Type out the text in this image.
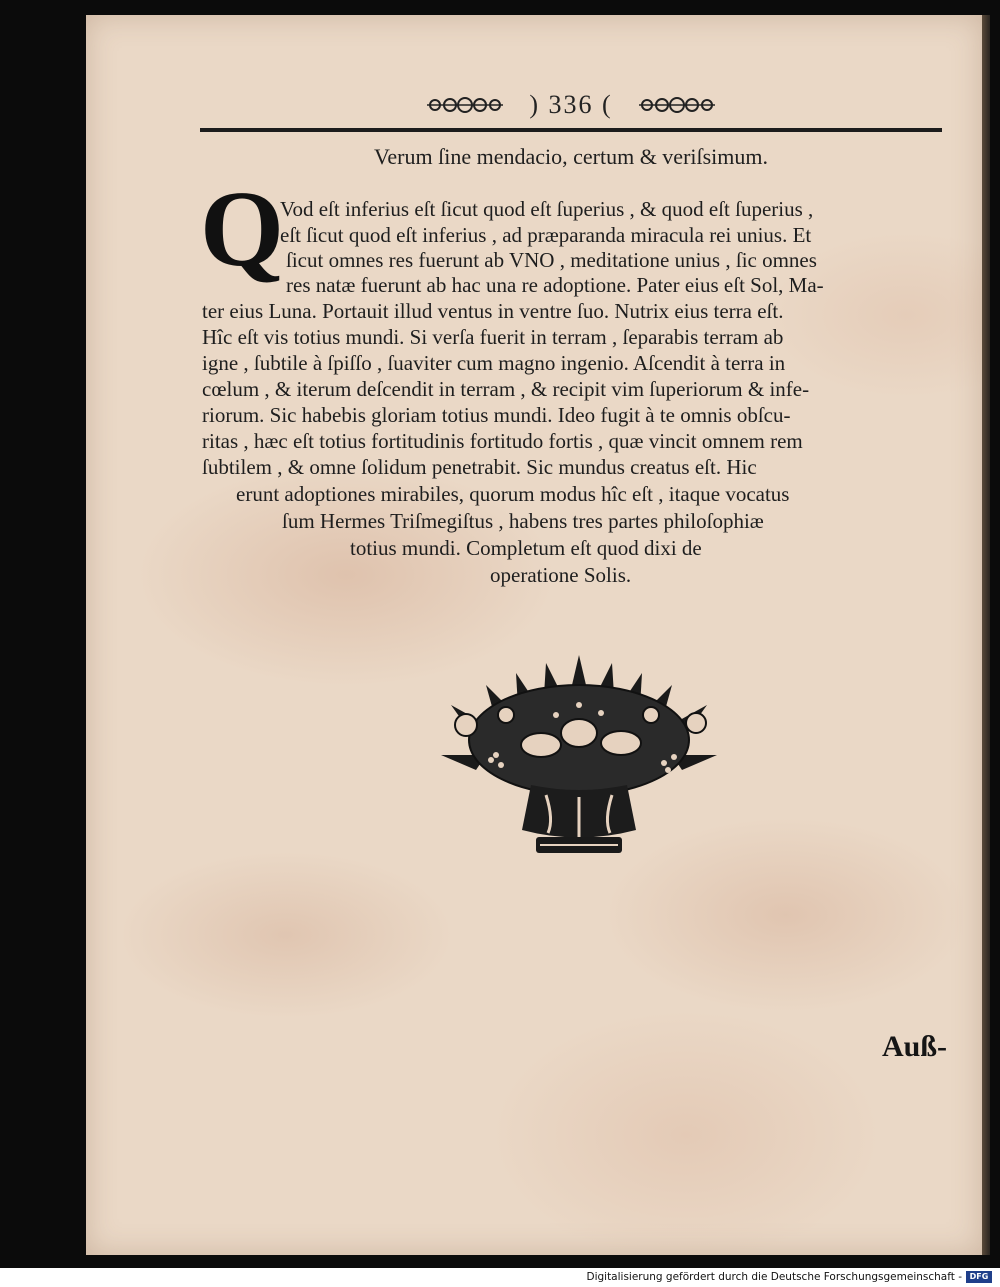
) 336 (
Verum ſine mendacio, certum & veriſsimum.
Q
Vod eſt inferius eſt ſicut quod eſt ſuperius , & quod eſt ſuperius ,
eſt ſicut quod eſt inferius , ad præparanda miracula rei unius. Et
ſicut omnes res fuerunt ab VNO , meditatione unius , ſic omnes
res natæ fuerunt ab hac una re adoptione. Pater eius eſt Sol, Ma-
ter eius Luna. Portauit illud ventus in ventre ſuo. Nutrix eius terra eſt.
Hîc eſt vis totius mundi. Si verſa fuerit in terram , ſeparabis terram ab
igne , ſubtile à ſpiſſo , ſuaviter cum magno ingenio. Aſcendit à terra in
cœlum , & iterum deſcendit in terram , & recipit vim ſuperiorum & infe-
riorum. Sic habebis gloriam totius mundi. Ideo fugit à te omnis obſcu-
ritas , hæc eſt totius fortitudinis fortitudo fortis , quæ vincit omnem rem
ſubtilem , & omne ſolidum penetrabit. Sic mundus creatus eſt. Hic
erunt adoptiones mirabiles, quorum modus hîc eſt , itaque vocatus
ſum Hermes Triſmegiſtus , habens tres partes philoſophiæ
totius mundi. Completum eſt quod dixi de
operatione Solis.
Auß-
Digitalisierung gefördert durch die Deutsche Forschungsgemeinschaft - DFG
